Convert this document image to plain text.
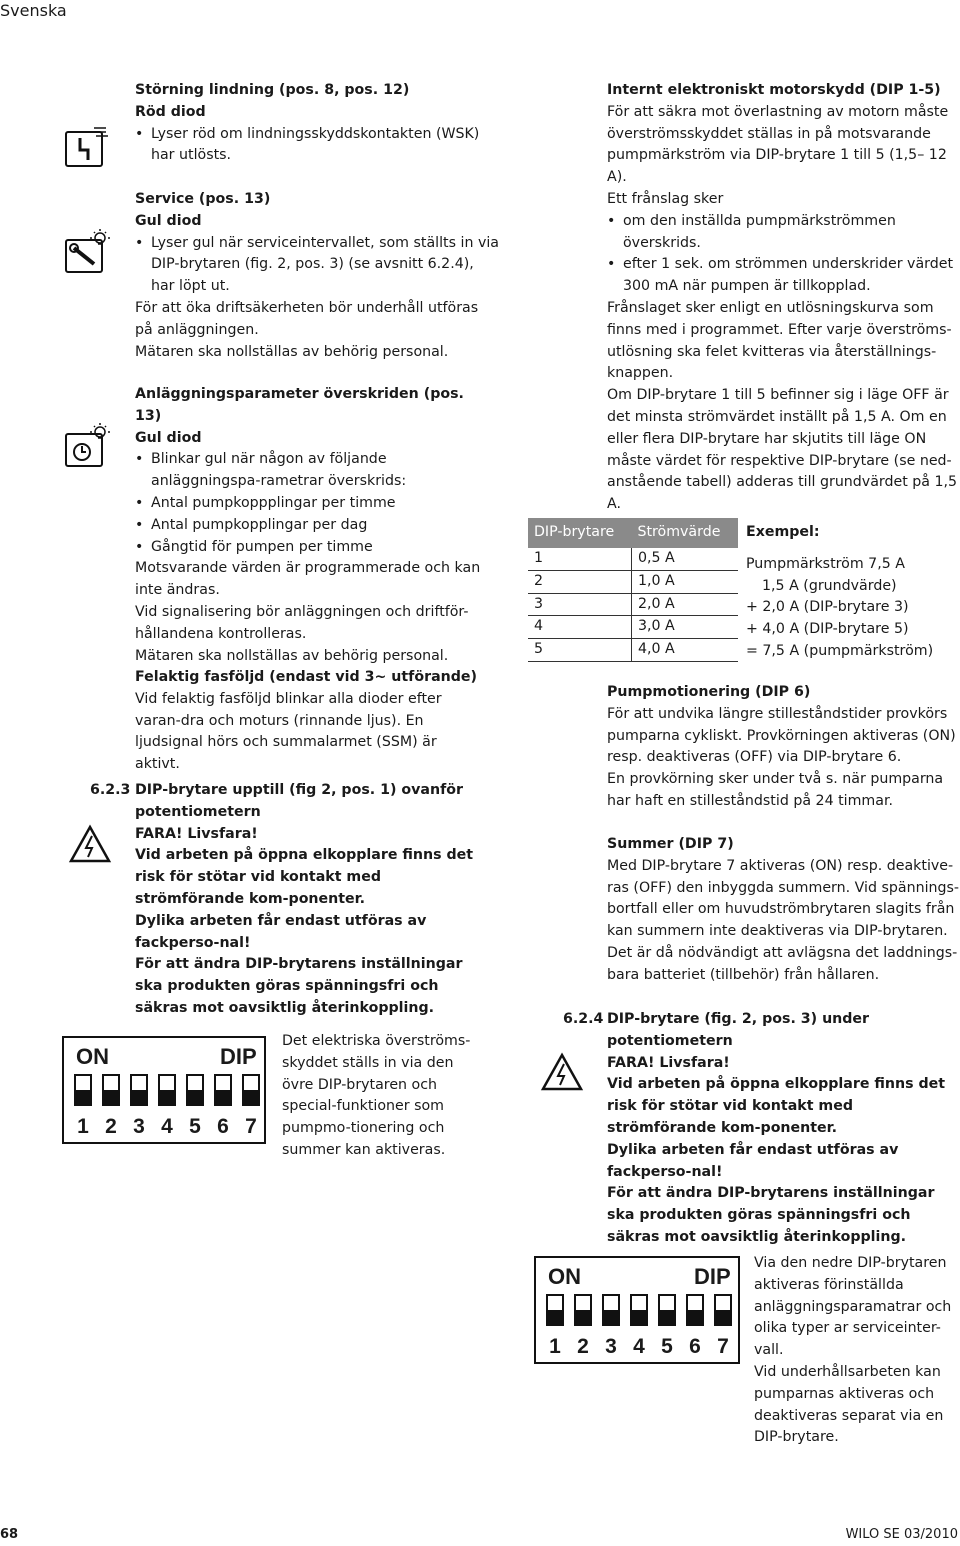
Svenska
68	WILO SE 03/2010

Störning lindning (pos. 8, pos. 12)

Röd diod

• Lyser röd om lindningsskyddskontakten (WSK) har utlösts.

Service (pos. 13)

Gul diod

• Lyser gul när serviceintervallet, som ställts in via DIP-brytaren (fig. 2, pos. 3) (se avsnitt 6.2.4), har löpt ut.

För att öka driftsäkerheten bör underhåll utföras på anläggningen.

Mätaren ska nollställas av behörig personal.

Anläggningsparameter överskriden (pos. 13)

Gul diod

• Blinkar gul när någon av följande anläggningspa-rametrar överskrids:

• Antal pumpkoppplingar per timme

• Antal pumpkopplingar per dag

• Gångtid för pumpen per timme

Motsvarande värden är programmerade och kan inte ändras.

Vid signalisering bör anläggningen och driftför-hållandena kontrolleras.

Mätaren ska nollställas av behörig personal.

Felaktig fasföljd (endast vid 3~ utförande)

Vid felaktig fasföljd blinkar alla dioder efter varan-dra och moturs (rinnande ljus). En ljudsignal hörs och summalarmet (SSM) är aktivt.

6.2.3 DIP-brytare upptill (fig 2, pos. 1) ovanför potentiometern

FARA! Livsfara!

Vid arbeten på öppna elkopplare finns det risk för stötar vid kontakt med strömförande kom-ponenter.

Dylika arbeten får endast utföras av fackperso-nal!

För att ändra DIP-brytarens inställningar ska produkten göras spänningsfri och säkras mot oavsiktlig återinkoppling.

ON	DIP
1 2 3 4 5 6 7

Det elektriska överströms-skyddet ställs in via den övre DIP-brytaren och special-funktioner som pumpmo-tionering och summer kan aktiveras.

Internt elektroniskt motorskydd (DIP 1-5)

För att säkra mot överlastning av motorn måste överströmsskyddet ställas in på motsvarande pumpmärkström via DIP-brytare 1 till 5 (1,5– 12 A).

Ett frånslag sker

• om den inställda pumpmärkströmmen överskrids.

• efter 1 sek. om strömmen underskrider värdet 300 mA när pumpen är tillkopplad.

Frånslaget sker enligt en utlösningskurva som finns med i programmet. Efter varje överströms-utlösning ska felet kvitteras via återställnings-knappen.

Om DIP-brytare 1 till 5 befinner sig i läge OFF är det minsta strömvärdet inställt på 1,5 A. Om en eller flera DIP-brytare har skjutits till läge ON måste värdet för respektive DIP-brytare (se ned-anstående tabell) adderas till grundvärdet på 1,5 A.

DIP-brytare	Strömvärde
1	0,5 A
2	1,0 A
3	2,0 A
4	3,0 A
5	4,0 A

Exempel:

Pumpmärkström 7,5 A

1,5 A (grundvärde)

+ 2,0 A (DIP-brytare 3)

+ 4,0 A (DIP-brytare 5)

= 7,5 A (pumpmärkström)

Pumpmotionering (DIP 6)

För att undvika längre stilleståndstider provkörs pumparna cykliskt. Provkörningen aktiveras (ON) resp. deaktiveras (OFF) via DIP-brytare 6.

En provkörning sker under två s. när pumparna har haft en stilleståndstid på 24 timmar.

Summer (DIP 7)

Med DIP-brytare 7 aktiveras (ON) resp. deaktive-ras (OFF) den inbyggda summern. Vid spännings-bortfall eller om huvudströmbrytaren slagits från kan summern inte deaktiveras via DIP-brytaren.

Det är då nödvändigt att avlägsna det laddnings-bara batteriet (tillbehör) från hållaren.

6.2.4 DIP-brytare (fig. 2, pos. 3) under potentiometern

FARA! Livsfara!

Vid arbeten på öppna elkopplare finns det risk för stötar vid kontakt med strömförande kom-ponenter.

Dylika arbeten får endast utföras av fackperso-nal!

För att ändra DIP-brytarens inställningar ska produkten göras spänningsfri och säkras mot oavsiktlig återinkoppling.

ON	DIP
1 2 3 4 5 6 7

Via den nedre DIP-brytaren aktiveras förinställda anläggningsparamatrar och olika typer ar serviceinter-vall.

Vid underhållsarbeten kan pumparnas aktiveras och deaktiveras separat via en DIP-brytare.
